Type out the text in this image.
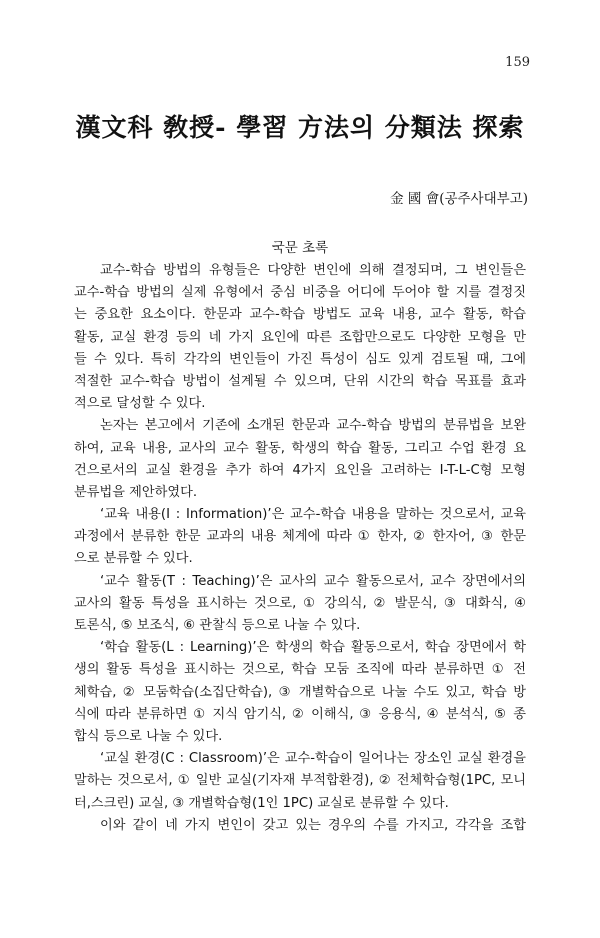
159
漢文科 敎授- 學習 方法의 分類法 探索
金 國 會(공주사대부고)
국문 초록
교수-학습 방법의 유형들은 다양한 변인에 의해 결정되며, 그 변인들은
교수-학습 방법의 실제 유형에서 중심 비중을 어디에 두어야 할 지를 결정짓
는 중요한 요소이다. 한문과 교수-학습 방법도 교육 내용, 교수 활동, 학습
활동, 교실 환경 등의 네 가지 요인에 따른 조합만으로도 다양한 모형을 만
들 수 있다. 특히 각각의 변인들이 가진 특성이 심도 있게 검토될 때, 그에
적절한 교수-학습 방법이 설계될 수 있으며, 단위 시간의 학습 목표를 효과
적으로 달성할 수 있다.
논자는 본고에서 기존에 소개된 한문과 교수-학습 방법의 분류법을 보완
하여, 교육 내용, 교사의 교수 활동, 학생의 학습 활동, 그리고 수업 환경 요
건으로서의 교실 환경을 추가 하여 4가지 요인을 고려하는 I-T-L-C형 모형
분류법을 제안하였다.
‘교육 내용(I : Information)’은 교수-학습 내용을 말하는 것으로서, 교육
과정에서 분류한 한문 교과의 내용 체계에 따라 ① 한자, ② 한자어, ③ 한문
으로 분류할 수 있다.
‘교수 활동(T : Teaching)’은 교사의 교수 활동으로서, 교수 장면에서의
교사의 활동 특성을 표시하는 것으로, ① 강의식, ② 발문식, ③ 대화식, ④
토론식, ⑤ 보조식, ⑥ 관찰식 등으로 나눌 수 있다.
‘학습 활동(L : Learning)’은 학생의 학습 활동으로서, 학습 장면에서 학
생의 활동 특성을 표시하는 것으로, 학습 모둠 조직에 따라 분류하면 ① 전
체학습, ② 모둠학습(소집단학습), ③ 개별학습으로 나눌 수도 있고, 학습 방
식에 따라 분류하면 ① 지식 암기식, ② 이해식, ③ 응용식, ④ 분석식, ⑤ 종
합식 등으로 나눌 수 있다.
‘교실 환경(C : Classroom)’은 교수-학습이 일어나는 장소인 교실 환경을
말하는 것으로서, ① 일반 교실(기자재 부적합환경), ② 전체학습형(1PC, 모니
터,스크린) 교실, ③ 개별학습형(1인 1PC) 교실로 분류할 수 있다.
이와 같이 네 가지 변인이 갖고 있는 경우의 수를 가지고, 각각을 조합
